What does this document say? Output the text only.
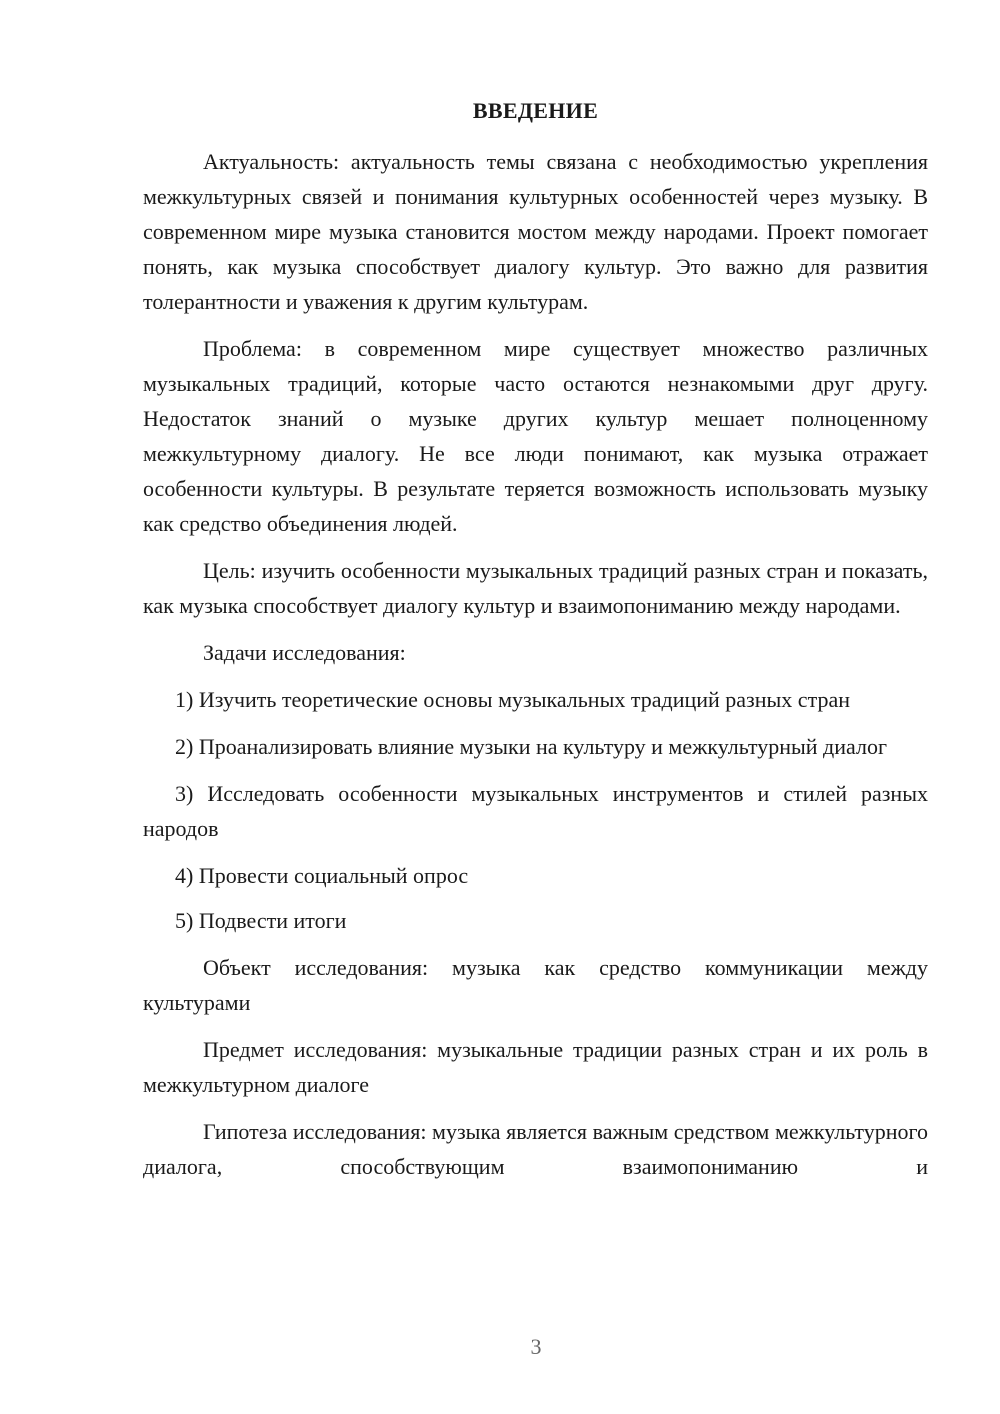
ВВЕДЕНИЕ

Актуальность: актуальность темы связана с необходимостью укрепления межкультурных связей и понимания культурных особенностей через музыку. В современном мире музыка становится мостом между народами. Проект помогает понять, как музыка способствует диалогу культур. Это важно для развития толерантности и уважения к другим культурам.

Проблема: в современном мире существует множество различных музыкальных традиций, которые часто остаются незнакомыми друг другу. Недостаток знаний о музыке других культур мешает полноценному межкультурному диалогу. Не все люди понимают, как музыка отражает особенности культуры. В результате теряется возможность использовать музыку как средство объединения людей.

Цель: изучить особенности музыкальных традиций разных стран и показать, как музыка способствует диалогу культур и взаимопониманию между народами.

Задачи исследования:

1) Изучить теоретические основы музыкальных традиций разных стран

2) Проанализировать влияние музыки на культуру и межкультурный диалог

3) Исследовать особенности музыкальных инструментов и стилей разных народов

4) Провести социальный опрос

5) Подвести итоги

Объект исследования: музыка как средство коммуникации между культурами

Предмет исследования: музыкальные традиции разных стран и их роль в межкультурном диалоге

Гипотеза исследования: музыка является важным средством межкультурного диалога, способствующим взаимопониманию и

3
